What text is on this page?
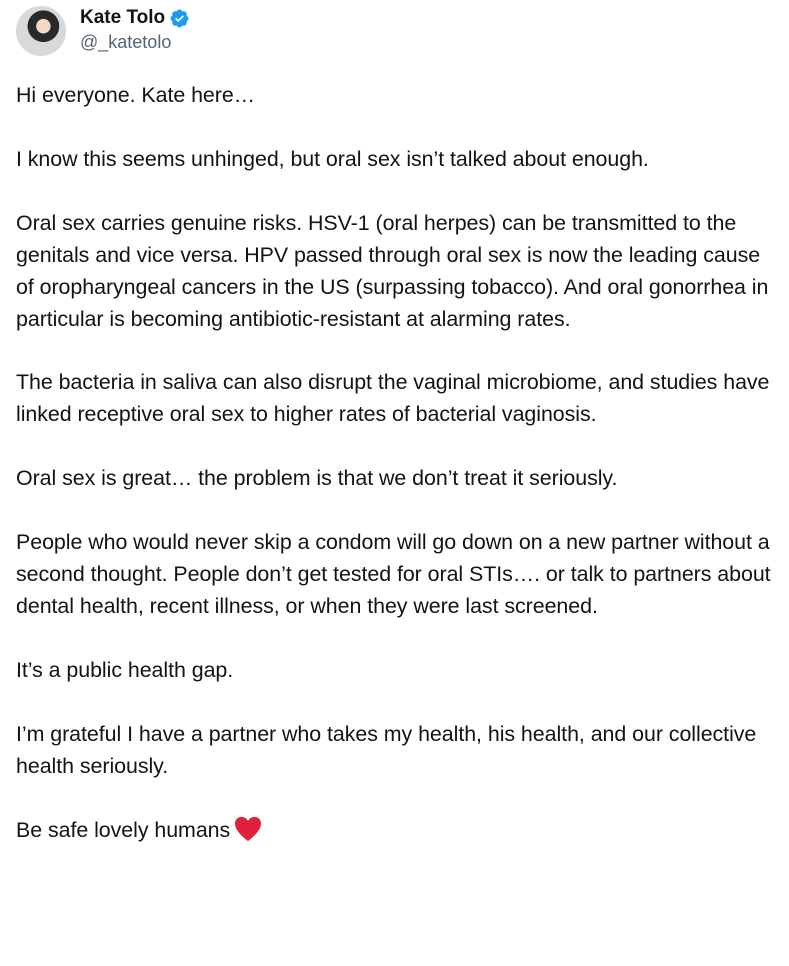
Kate Tolo
@_katetolo

Hi everyone. Kate here…

I know this seems unhinged, but oral sex isn’t talked about enough.

Oral sex carries genuine risks. HSV-1 (oral herpes) can be transmitted to the genitals and vice versa. HPV passed through oral sex is now the leading cause of oropharyngeal cancers in the US (surpassing tobacco). And oral gonorrhea in particular is becoming antibiotic-resistant at alarming rates.

The bacteria in saliva can also disrupt the vaginal microbiome, and studies have linked receptive oral sex to higher rates of bacterial vaginosis.

Oral sex is great… the problem is that we don’t treat it seriously.

People who would never skip a condom will go down on a new partner without a second thought. People don’t get tested for oral STIs…. or talk to partners about dental health, recent illness, or when they were last screened.

It’s a public health gap.

I’m grateful I have a partner who takes my health, his health, and our collective health seriously.

Be safe lovely humans
